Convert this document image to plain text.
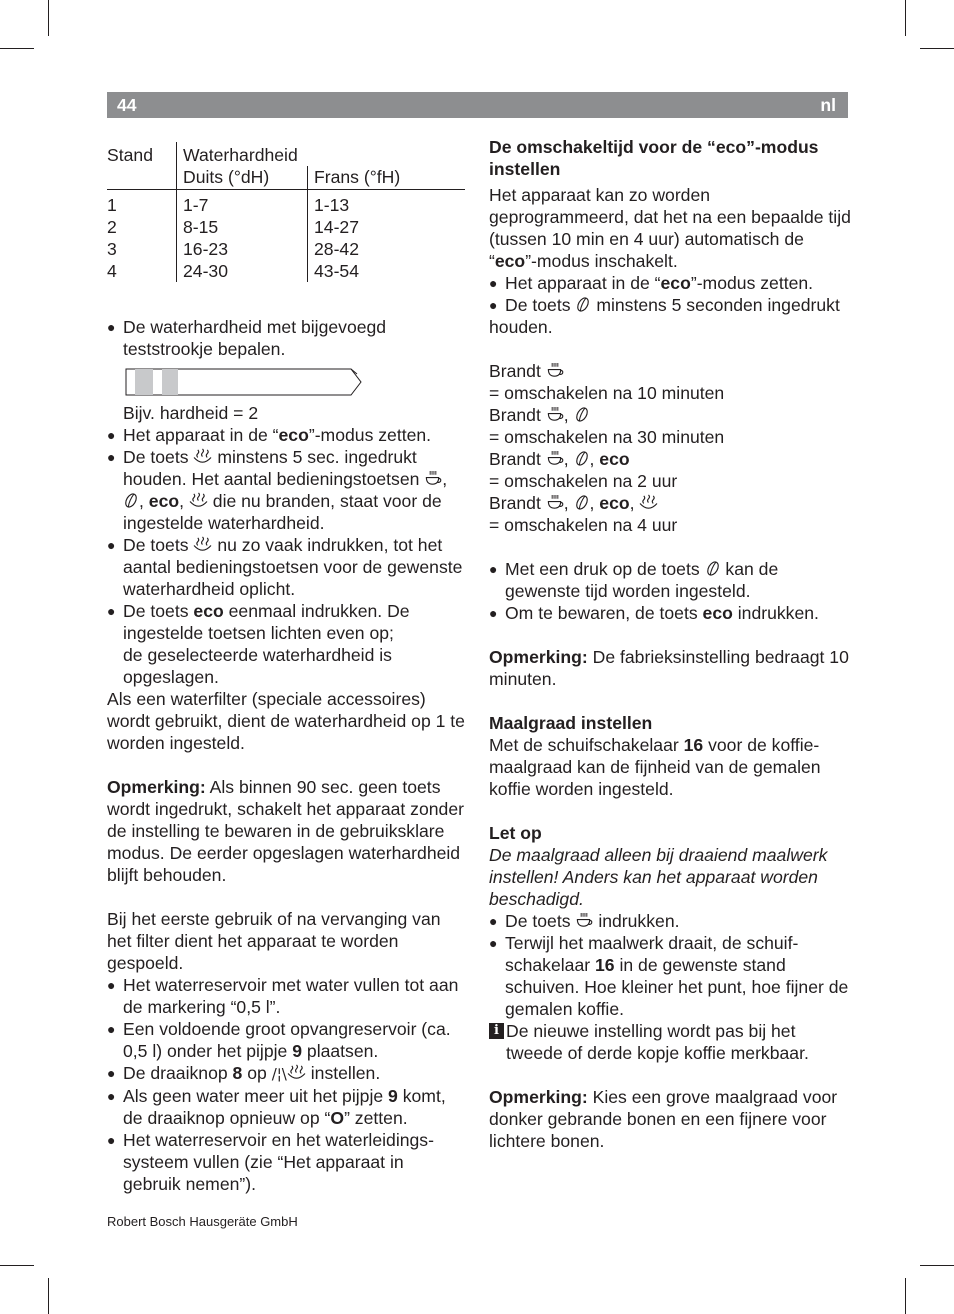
44	nl
Stand Waterhardheid
Duits (°dH)	Frans (°fH)
1	1-7	1-13
2	8-15	14-27
3	16-23	28-42
4	24-30	43-54

● De waterhardheid met bijgevoegd teststrookje bepalen.

Bijv. hardheid = 2

● Het apparaat in de “eco”-modus zetten.

● De toets minstens 5 sec. ingedrukt houden. Het aantal bedieningstoetsen ,
, eco, die nu branden, staat voor de ingestelde waterhardheid.

● De toets nu zo vaak indrukken, tot het aantal bedieningstoetsen voor de gewenste waterhardheid oplicht.

● De toets eco eenmaal indrukken. De ingestelde toetsen lichten even op;
de geselecteerde waterhardheid is opgeslagen.

Als een waterfilter (speciale accessoires) wordt gebruikt, dient de waterhardheid op 1 te worden ingesteld.

Opmerking: Als binnen 90 sec. geen toets wordt ingedrukt, schakelt het apparaat zonder de instelling te bewaren in de gebruiksklare modus. De eerder opgeslagen waterhardheid blijft behouden.

Bij het eerste gebruik of na vervanging van het filter dient het apparaat te worden gespoeld.

● Het waterreservoir met water vullen tot aan de markering “0,5 l”.

● Een voldoende groot opvangreservoir (ca. 0,5 l) onder het pijpje 9 plaatsen.

● De draaiknop 8 op /¦\ instellen.

● Als geen water meer uit het pijpje 9 komt, de draaiknop opnieuw op “O” zetten.

● Het waterreservoir en het waterleidingssysteem vullen (zie “Het apparaat in gebruik nemen”).

De omschakeltijd voor de “eco”-modus instellen

Het apparaat kan zo worden geprogrammeerd, dat het na een bepaalde tijd (tussen 10 min en 4 uur) automatisch de “eco”-modus inschakelt.

● Het apparaat in de “eco”-modus zetten.

● De toets minstens 5 seconden ingedrukt houden.

Brandt

= omschakelen na 10 minuten

Brandt ,

= omschakelen na 30 minuten

Brandt , , eco

= omschakelen na 2 uur

Brandt , , eco,

= omschakelen na 4 uur

● Met een druk op de toets kan de gewenste tijd worden ingesteld.

● Om te bewaren, de toets eco indrukken.

Opmerking: De fabrieksinstelling bedraagt 10 minuten.

Maalgraad instellen

Met de schuifschakelaar 16 voor de koffiemaalgraad kan de fijnheid van de gemalen koffie worden ingesteld.

Let op

De maalgraad alleen bij draaiend maalwerk instellen! Anders kan het apparaat worden beschadigd.

● De toets indrukken.

● Terwijl het maalwerk draait, de schuifschakelaar 16 in de gewenste stand schuiven. Hoe kleiner het punt, hoe fijner de gemalen koffie.

i De nieuwe instelling wordt pas bij het tweede of derde kopje koffie merkbaar.

Opmerking: Kies een grove maalgraad voor donker gebrande bonen en een fijnere voor lichtere bonen.

Robert Bosch Hausgeräte GmbH
